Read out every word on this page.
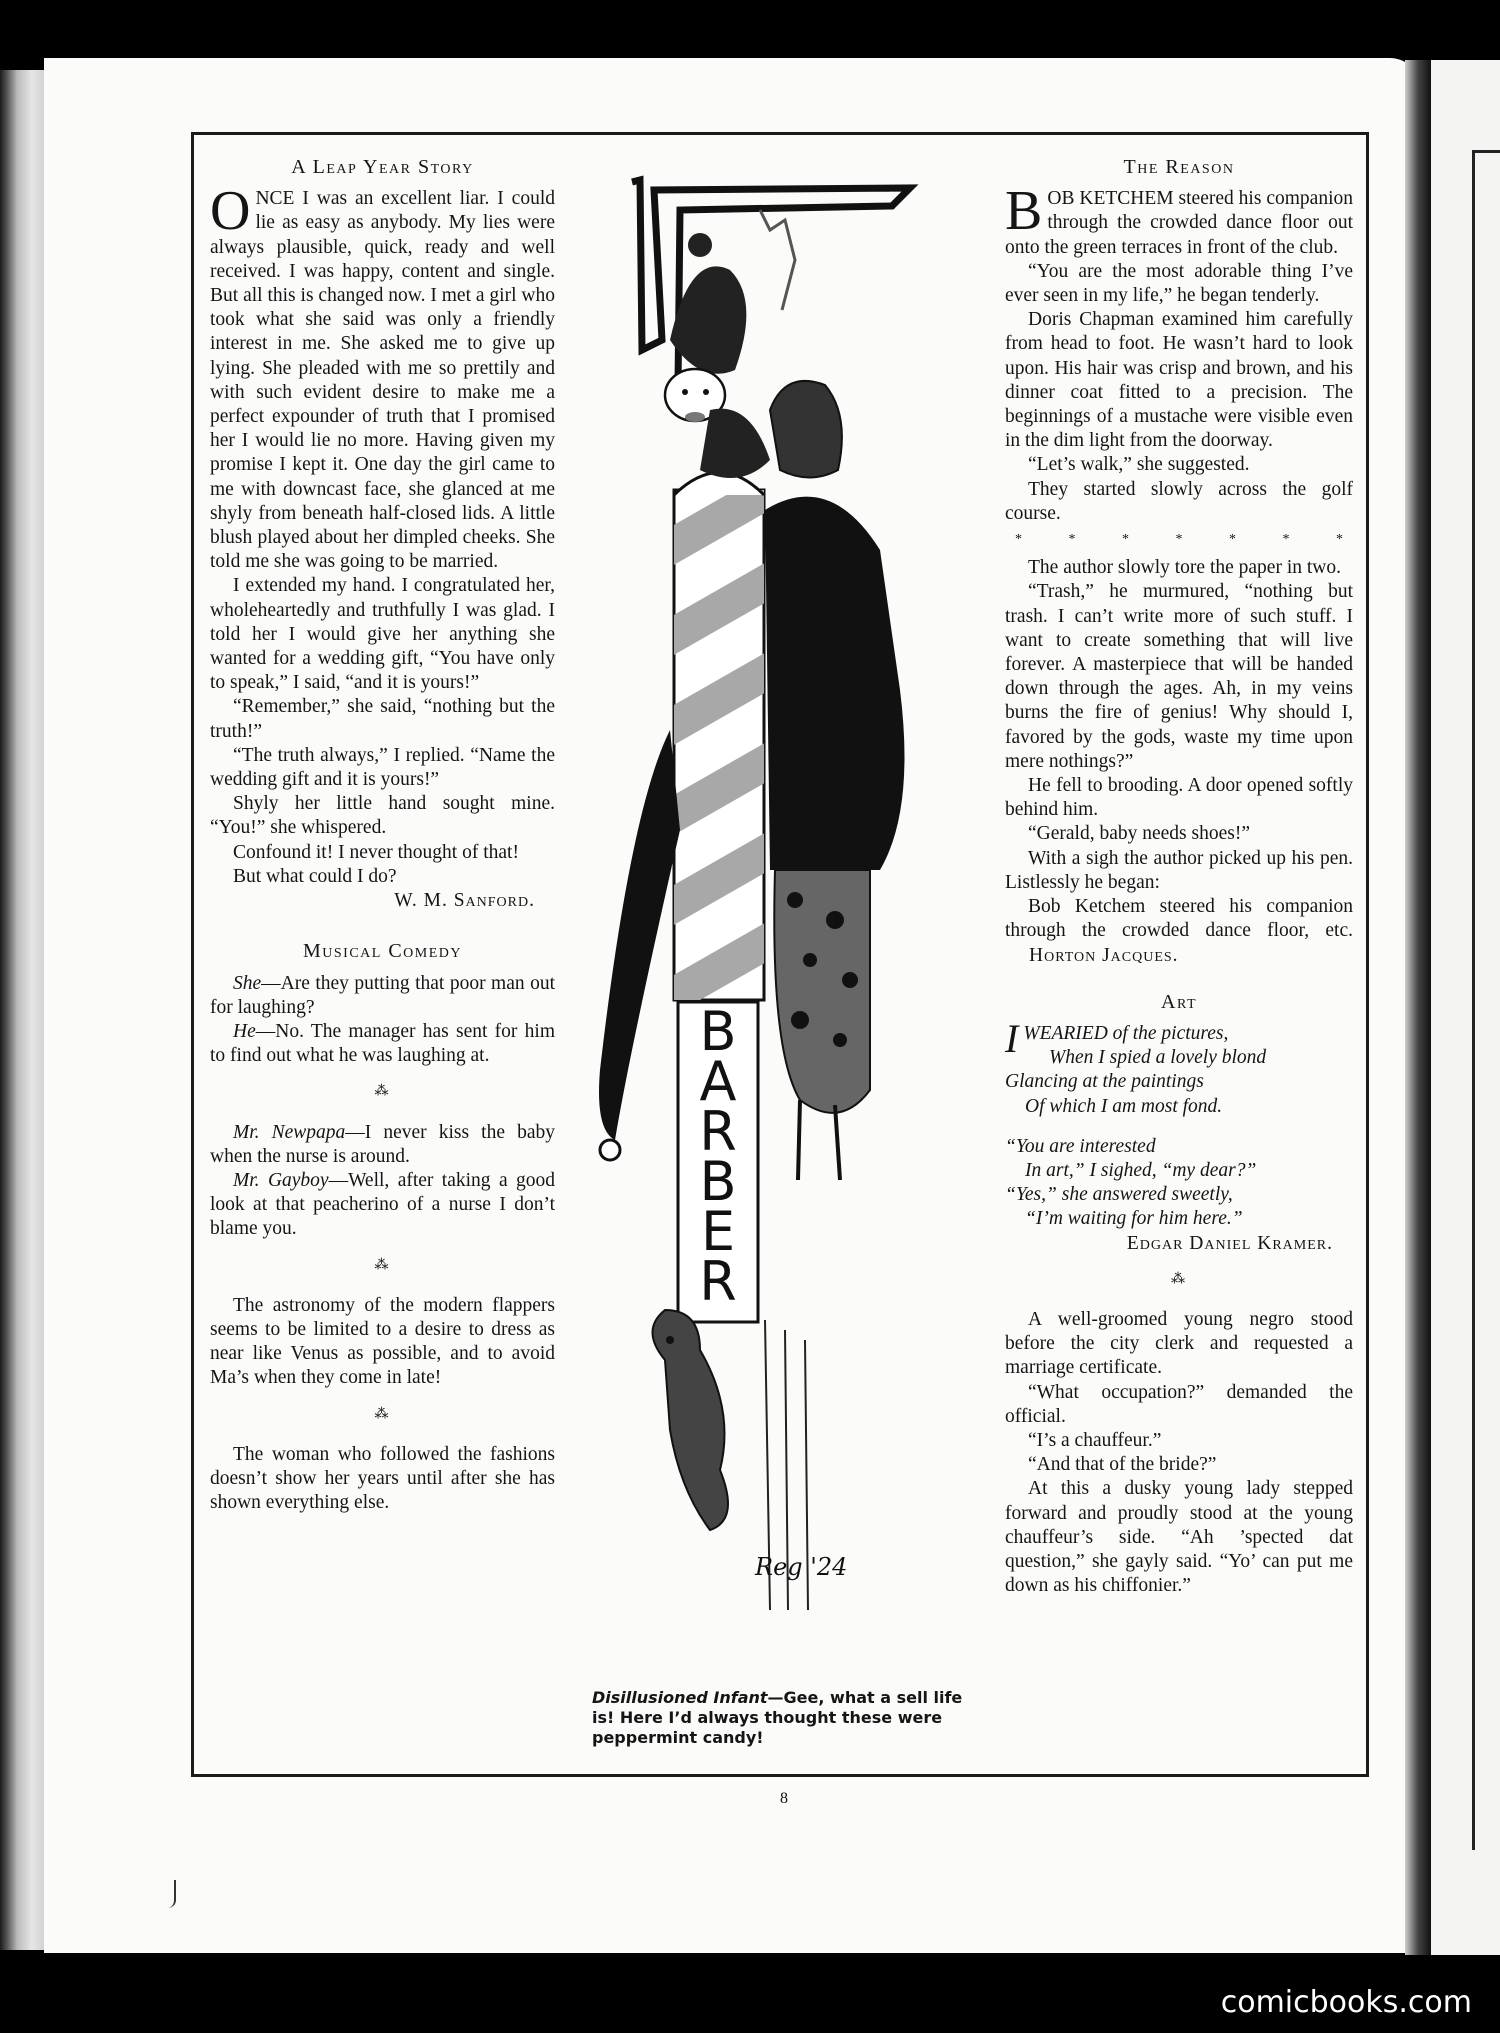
A Leap Year Story

ONCE I was an excellent liar. I could lie as easy as anybody. My lies were always plausible, quick, ready and well received. I was happy, content and single. But all this is changed now. I met a girl who took what she said was only a friendly interest in me. She asked me to give up lying. She pleaded with me so prettily and with such evident desire to make me a perfect expounder of truth that I promised her I would lie no more. Having given my promise I kept it. One day the girl came to me with downcast face, she glanced at me shyly from beneath half-closed lids. A little blush played about her dimpled cheeks. She told me she was going to be married.

I extended my hand. I congratulated her, wholeheartedly and truthfully I was glad. I told her I would give her anything she wanted for a wedding gift, “You have only to speak,” I said, “and it is yours!”

“Remember,” she said, “nothing but the truth!”

“The truth always,” I replied. “Name the wedding gift and it is yours!”

Shyly her little hand sought mine. “You!” she whispered.

Confound it! I never thought of that!

But what could I do?

W. M. Sanford.
Musical Comedy

She—Are they putting that poor man out for laughing?

He—No. The manager has sent for him to find out what he was laughing at.

⁂

Mr. Newpapa—I never kiss the baby when the nurse is around.

Mr. Gayboy—Well, after taking a good look at that peacherino of a nurse I don’t blame you.

⁂

The astronomy of the modern flappers seems to be limited to a desire to dress as near like Venus as possible, and to avoid Ma’s when they come in late!

⁂

The woman who followed the fashions doesn’t show her years until after she has shown everything else.

B
A
R
B
E
R
Reg '24
Disillusioned Infant—Gee, what a sell life is! Here I’d always thought these were peppermint candy!
The Reason

BOB KETCHEM steered his companion through the crowded dance floor out onto the green terraces in front of the club.

“You are the most adorable thing I’ve ever seen in my life,” he began tenderly.

Doris Chapman examined him carefully from head to foot. He wasn’t hard to look upon. His hair was crisp and brown, and his dinner coat fitted to a precision. The beginnings of a mustache were visible even in the dim light from the doorway.

“Let’s walk,” she suggested.

They started slowly across the golf course.

*	*	*	*	*	*	*

The author slowly tore the paper in two.

“Trash,” he murmured, “nothing but trash. I can’t write more of such stuff. I want to create something that will live forever. A masterpiece that will be handed down through the ages. Ah, in my veins burns the fire of genius! Why should I, favored by the gods, waste my time upon mere nothings?”

He fell to brooding. A door opened softly behind him.

“Gerald, baby needs shoes!”

With a sigh the author picked up his pen. Listlessly he began:

Bob Ketchem steered his companion through the crowded dance floor, etc. Horton Jacques.

Art
IWEARIED of the pictures,
When I spied a lovely blond
Glancing at the paintings
Of which I am most fond.
“You are interested
In art,” I sighed, “my dear?”
“Yes,” she answered sweetly,
“I’m waiting for him here.”
Edgar Daniel Kramer.
⁂

A well-groomed young negro stood before the city clerk and requested a marriage certificate.

“What occupation?” demanded the official.

“I’s a chauffeur.”

“And that of the bride?”

At this a dusky young lady stepped forward and proudly stood at the young chauffeur’s side. “Ah ’spected dat question,” she gayly said. “Yo’ can put me down as his chiffonier.”

8
comicbooks.com
